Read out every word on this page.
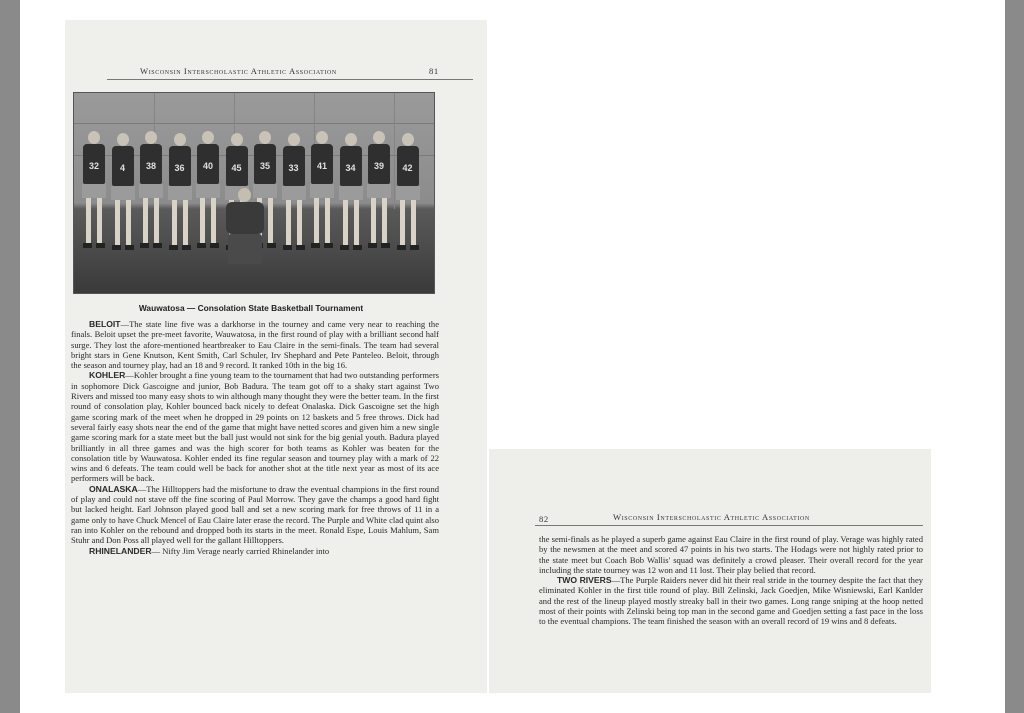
Wisconsin Interscholastic Athletic Association	81
32	4	38	36	40	45	35	33	41	34	39	42
Wauwatosa — Consolation State Basketball Tournament

BELOIT—The state line five was a darkhorse in the tourney and came very near to reaching the finals. Beloit upset the pre-meet favorite, Wauwatosa, in the first round of play with a brilliant second half surge. They lost the afore-mentioned heartbreaker to Eau Claire in the semi-finals. The team had several bright stars in Gene Knutson, Kent Smith, Carl Schuler, Irv Shephard and Pete Panteleo. Beloit, through the season and tourney play, had an 18 and 9 record. It ranked 10th in the big 16.

KOHLER—Kohler brought a fine young team to the tournament that had two outstanding performers in sophomore Dick Gascoigne and junior, Bob Badura. The team got off to a shaky start against Two Rivers and missed too many easy shots to win although many thought they were the better team. In the first round of consolation play, Kohler bounced back nicely to defeat Onalaska. Dick Gascoigne set the high game scoring mark of the meet when he dropped in 29 points on 12 baskets and 5 free throws. Dick had several fairly easy shots near the end of the game that might have netted scores and given him a new single game scoring mark for a state meet but the ball just would not sink for the big genial youth. Badura played brilliantly in all three games and was the high scorer for both teams as Kohler was beaten for the consolation title by Wauwatosa. Kohler ended its fine regular season and tourney play with a mark of 22 wins and 6 defeats. The team could well be back for another shot at the title next year as most of its ace performers will be back.

ONALASKA—The Hilltoppers had the misfortune to draw the eventual champions in the first round of play and could not stave off the fine scoring of Paul Morrow. They gave the champs a good hard fight but lacked height. Earl Johnson played good ball and set a new scoring mark for free throws of 11 in a game only to have Chuck Mencel of Eau Claire later erase the record. The Purple and White clad quint also ran into Kohler on the rebound and dropped both its starts in the meet. Ronald Espe, Louis Mahlum, Sam Stuhr and Don Poss all played well for the gallant Hilltoppers.

RHINELANDER— Nifty Jim Verage nearly carried Rhinelander into

82	Wisconsin Interscholastic Athletic Association

the semi-finals as he played a superb game against Eau Claire in the first round of play. Verage was highly rated by the newsmen at the meet and scored 47 points in his two starts. The Hodags were not highly rated prior to the state meet but Coach Bob Wallis' squad was definitely a crowd pleaser. Their overall record for the year including the state tourney was 12 won and 11 lost. Their play belied that record.

TWO RIVERS—The Purple Raiders never did hit their real stride in the tourney despite the fact that they eliminated Kohler in the first title round of play. Bill Zelinski, Jack Goedjen, Mike Wisniewski, Earl Kanlder and the rest of the lineup played mostly streaky ball in their two games. Long range sniping at the hoop netted most of their points with Zelinski being top man in the second game and Goedjen setting a fast pace in the loss to the eventual champions. The team finished the season with an overall record of 19 wins and 8 defeats.
